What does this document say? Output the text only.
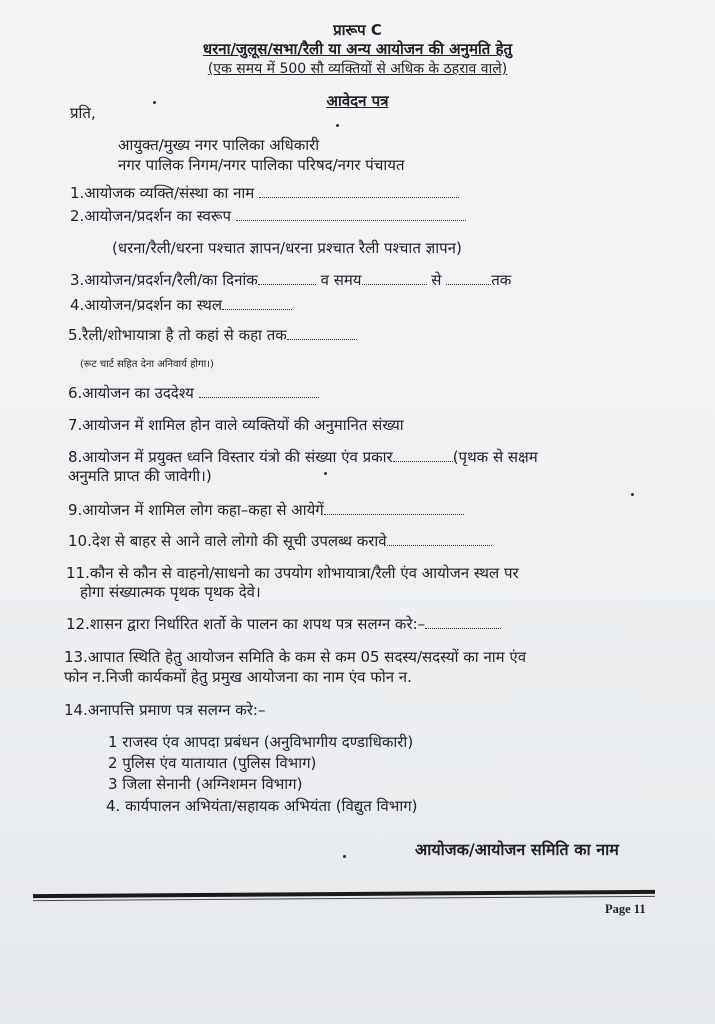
प्रारूप C
धरना/जुलूस/सभा/रैली या अन्य आयोजन की अनुमति हेतु
(एक समय में 500 सौ व्यक्तियों से अधिक के ठहराव वाले)
आवेदन पत्र
प्रति,
आयुक्त/मुख्य नगर पालिका अधिकारी
नगर पालिक निगम/नगर पालिका परिषद/नगर पंचायत
1.आयोजक व्यक्ति/संस्था का नाम
2.आयोजन/प्रदर्शन का स्वरूप
(धरना/रैली/धरना पश्चात ज्ञापन/धरना प्रश्चात रैली पश्चात ज्ञापन)
3.आयोजन/प्रदर्शन/रैली/का दिनांक	व समय	से	तक
4.आयोजन/प्रदर्शन का स्थल
5.रैली/शोभायात्रा है तो कहां से कहा तक
(रूट चार्ट सहित देना अनिवार्य होगा।)
6.आयोजन का उददेश्य
7.आयोजन में शामिल होन वाले व्यक्तियों की अनुमानित संख्या
8.आयोजन में प्रयुक्त ध्वनि विस्तार यंत्रो की संख्या एंव प्रकार	(पृथक से सक्षम
अनुमति प्राप्त की जावेगी।)
9.आयोजन में शामिल लोग कहा–कहा से आयेगें
10.देश से बाहर से आने वाले लोगो की सूची उपलब्ध करावे
11.कौन से कौन से वाहनो/साधनो का उपयोग शोभायात्रा/रैली एंव आयोजन स्थल पर
होगा संख्यात्मक पृथक पृथक देवे।
12.शासन द्वारा निर्धारित शर्तो के पालन का शपथ पत्र सलग्न करे:–
13.आपात स्थिति हेतु आयोजन समिति के कम से कम 05 सदस्य/सदस्यों का नाम एंव
फोन न.निजी कार्यकमों हेतु प्रमुख आयोजना का नाम एंव फोन न.
14.अनापत्ति प्रमाण पत्र सलग्न करे:–
1 राजस्व एंव आपदा प्रबंधन (अनुविभागीय दण्डाधिकारी)
2 पुलिस एंव यातायात (पुलिस विभाग)
3 जिला सेनानी (अग्निशमन विभाग)
4. कार्यपालन अभियंता/सहायक अभियंता (विद्युत विभाग)
आयोजक/आयोजन समिति का नाम
Page 11
